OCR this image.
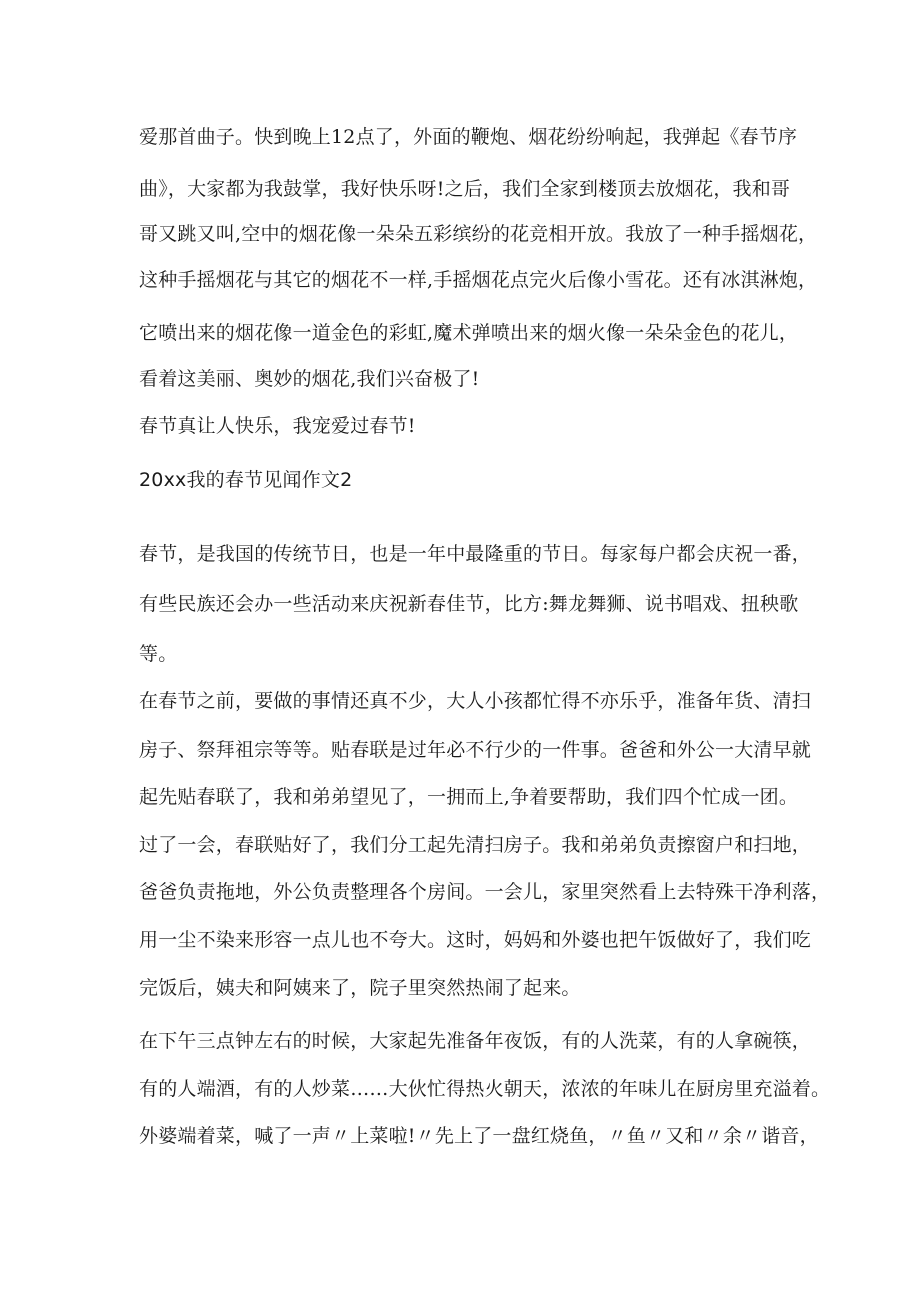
爱那首曲子。快到晚上12点了，外面的鞭炮、烟花纷纷响起，我弹起《春节序

曲》，大家都为我鼓掌，我好快乐呀!之后，我们全家到楼顶去放烟花，我和哥

哥又跳又叫,空中的烟花像一朵朵五彩缤纷的花竞相开放。我放了一种手摇烟花，

这种手摇烟花与其它的烟花不一样,手摇烟花点完火后像小雪花。还有冰淇淋炮，

它喷出来的烟花像一道金色的彩虹,魔术弹喷出来的烟火像一朵朵金色的花儿，

看着这美丽、奥妙的烟花,我们兴奋极了!

春节真让人快乐，我宠爱过春节!

20xx我的春节见闻作文2

春节，是我国的传统节日，也是一年中最隆重的节日。每家每户都会庆祝一番，

有些民族还会办一些活动来庆祝新春佳节，比方:舞龙舞狮、说书唱戏、扭秧歌

等。

在春节之前，要做的事情还真不少，大人小孩都忙得不亦乐乎，准备年货、清扫

房子、祭拜祖宗等等。贴春联是过年必不行少的一件事。爸爸和外公一大清早就

起先贴春联了，我和弟弟望见了，一拥而上,争着要帮助，我们四个忙成一团。

过了一会，春联贴好了，我们分工起先清扫房子。我和弟弟负责擦窗户和扫地，

爸爸负责拖地，外公负责整理各个房间。一会儿，家里突然看上去特殊干净利落，

用一尘不染来形容一点儿也不夸大。这时，妈妈和外婆也把午饭做好了，我们吃

完饭后，姨夫和阿姨来了，院子里突然热闹了起来。

在下午三点钟左右的时候，大家起先准备年夜饭，有的人洗菜，有的人拿碗筷，

有的人端酒，有的人炒菜……大伙忙得热火朝天，浓浓的年味儿在厨房里充溢着。

外婆端着菜，喊了一声〃上菜啦!〃先上了一盘红烧鱼，〃鱼〃又和〃余〃谐音，
